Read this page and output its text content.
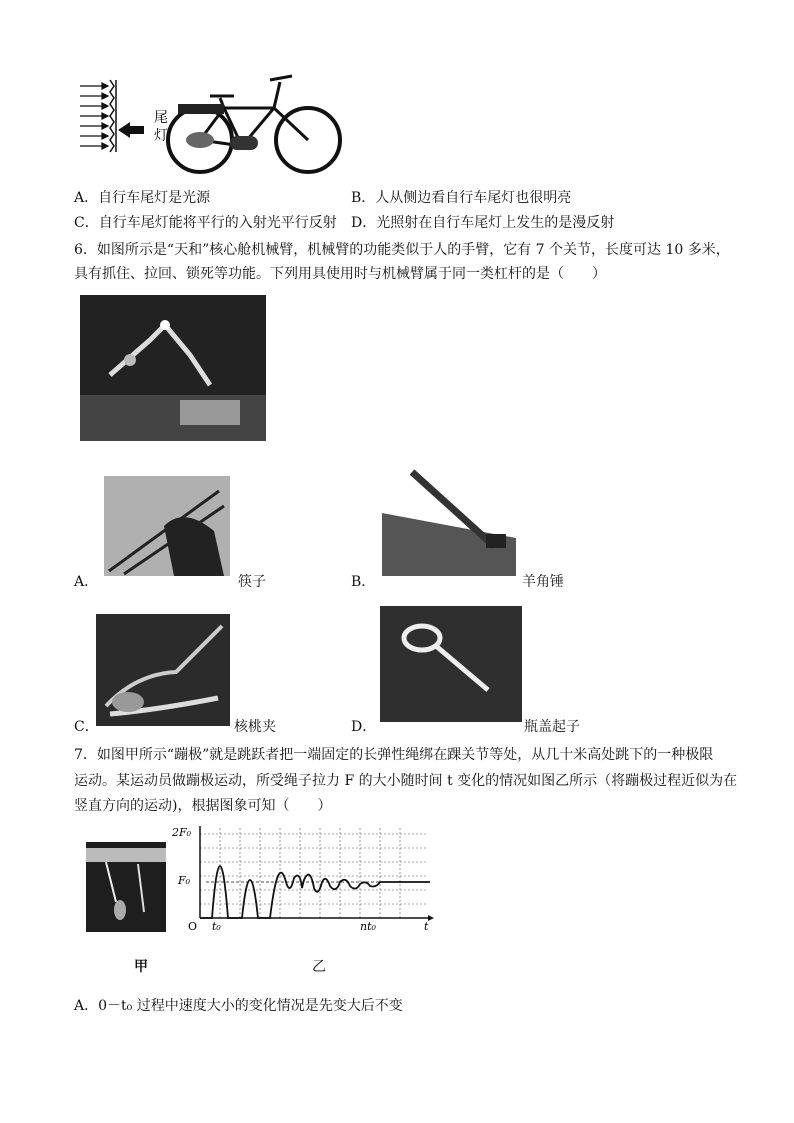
尾
灯
A．自行车尾灯是光源	B．人从侧边看自行车尾灯也很明亮
C．自行车尾灯能将平行的入射光平行反射 D．光照射在自行车尾灯上发生的是漫反射
6．如图所示是“天和”核心舱机械臂，机械臂的功能类似于人的手臂，它有 7 个关节，长度可达 10 多米，
具有抓住、拉回、锁死等功能。下列用具使用时与机械臂属于同一类杠杆的是（　　）
A．	筷子	B．	羊角锤
C．	核桃夹	D．	瓶盖起子
7．如图甲所示“蹦极”就是跳跃者把一端固定的长弹性绳绑在踝关节等处，从几十米高处跳下的一种极限
运动。某运动员做蹦极运动，所受绳子拉力 F 的大小随时间 t 变化的情况如图乙所示（将蹦极过程近似为在
竖直方向的运动)，根据图象可知（　　）
甲
2F₀
F₀
O t₀	nt₀	t
乙
A．0－t₀ 过程中速度大小的变化情况是先变大后不变
